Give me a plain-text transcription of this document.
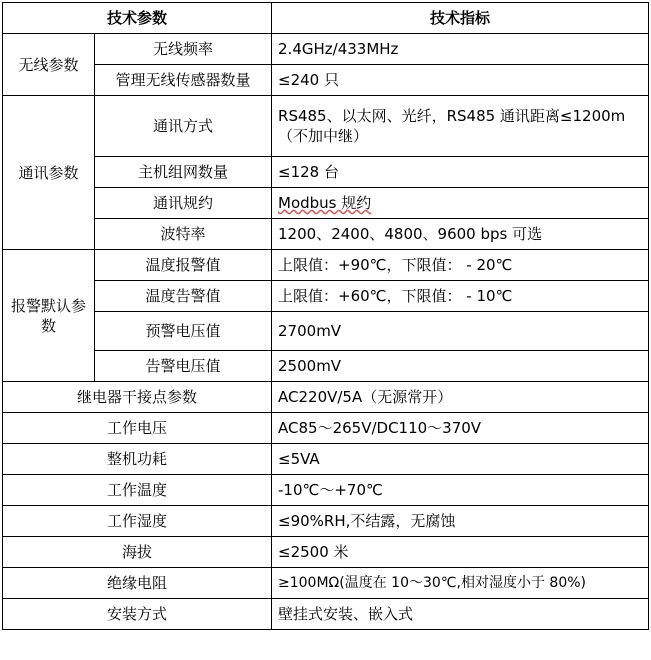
技术参数		技术指标
无线参数	无线频率	2.4GHz/433MHz
	管理无线传感器数量	≤240 只
通讯参数	通讯方式	RS485、以太网、光纤，RS485 通讯距离≤1200m（不加中继）
	主机组网数量	≤128 台
	通讯规约	Modbus 规约
	波特率	1200、2400、4800、9600 bps 可选
报警默认参数	温度报警值	上限值：+90℃，下限值： - 20℃
	温度告警值	上限值：+60℃，下限值： - 10℃
	预警电压值	2700mV
	告警电压值	2500mV
继电器干接点参数		AC220V/5A（无源常开）
工作电压		AC85～265V/DC110～370V
整机功耗		≤5VA
工作温度		-10℃～+70℃
工作湿度		≤90%RH,不结露，无腐蚀
海拔		≤2500 米
绝缘电阻		≥100MΩ(温度在 10～30℃,相对湿度小于 80%)
安装方式		壁挂式安装、嵌入式
